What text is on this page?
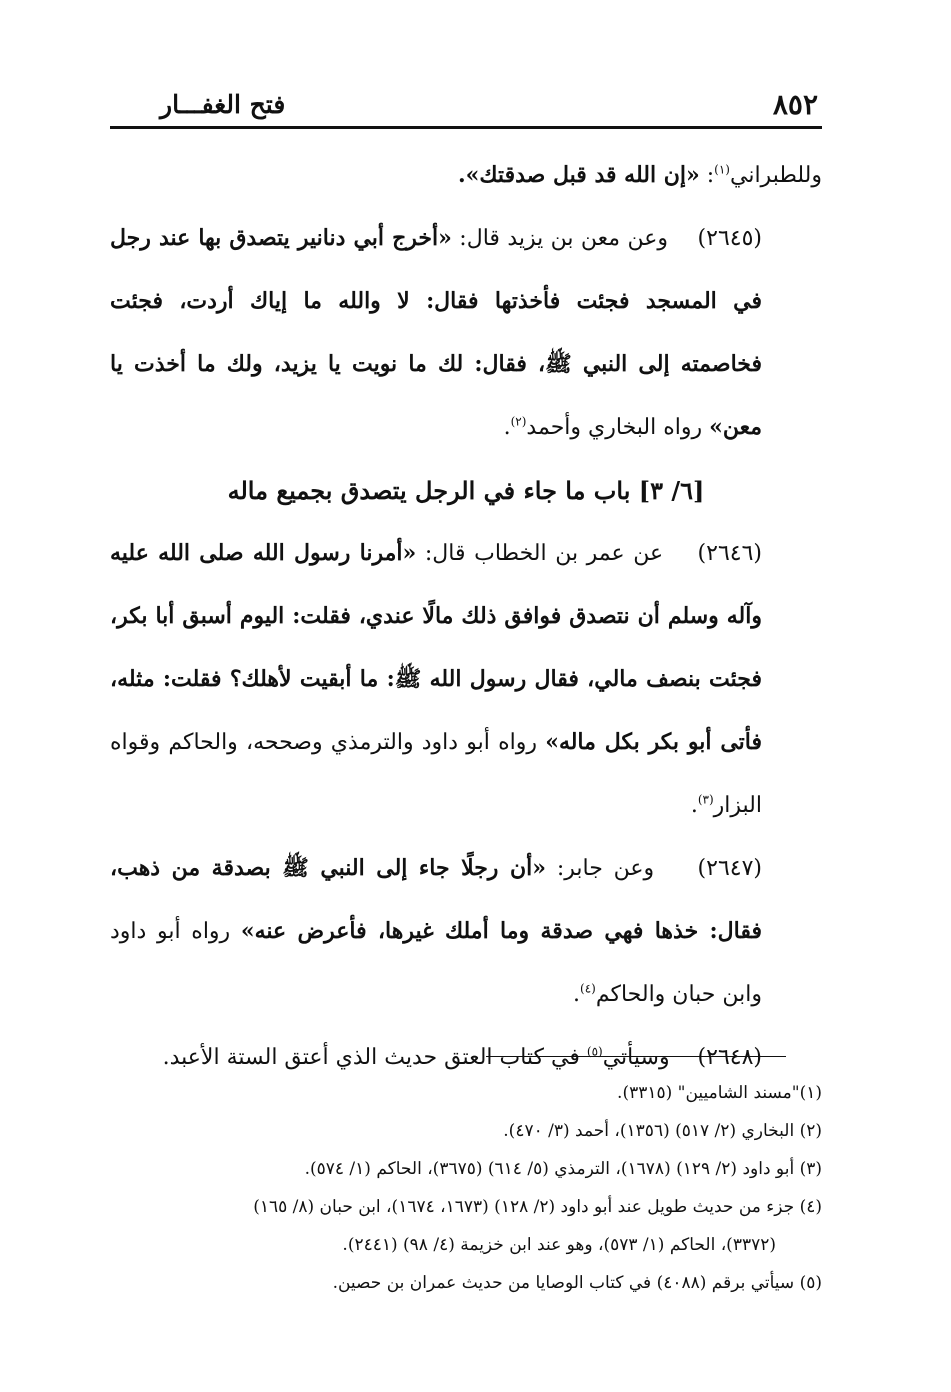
٨٥٢
فتح الغفـــار

وللطبراني$^{(١)}$: «إن الله قد قبل صدقتك».

(٢٦٤٥)    وعن معن بن يزيد قال: «أخرج أبي دنانير يتصدق بها عند رجل في المسجد فجئت فأخذتها فقال: لا والله ما إياك أردت، فجئت فخاصمته إلى النبي ﷺ، فقال: لك ما نويت يا يزيد، ولك ما أخذت يا معن» رواه البخاري وأحمد$^{(٢)}$.

[٦/ ٣] باب ما جاء في الرجل يتصدق بجميع ماله

(٢٦٤٦)    عن عمر بن الخطاب قال: «أمرنا رسول الله صلى الله عليه وآله وسلم أن نتصدق فوافق ذلك مالًا عندي، فقلت: اليوم أسبق أبا بكر، فجئت بنصف مالي، فقال رسول الله ﷺ: ما أبقيت لأهلك؟ فقلت: مثله، فأتى أبو بكر بكل ماله» رواه أبو داود والترمذي وصححه، والحاكم وقواه البزار$^{(٣)}$.

(٢٦٤٧)    وعن جابر: «أن رجلًا جاء إلى النبي ﷺ بصدقة من ذهب، فقال: خذها فهي صدقة وما أملك غيرها، فأعرض عنه» رواه أبو داود وابن حبان والحاكم$^{(٤)}$.

(٢٦٤٨)    وسيأتي$^{(٥)}$ في كتاب العتق حديث الذي أعتق الستة الأعبد.

(١)"مسند الشاميين" (٣٣١٥).

(٢) البخاري (٢/ ٥١٧) (١٣٥٦)، أحمد (٣/ ٤٧٠).

(٣) أبو داود (٢/ ١٢٩) (١٦٧٨)، الترمذي (٥/ ٦١٤) (٣٦٧٥)، الحاكم (١/ ٥٧٤).

(٤) جزء من حديث طويل عند أبو داود (٢/ ١٢٨) (١٦٧٣، ١٦٧٤)، ابن حبان (٨/ ١٦٥)

(٣٣٧٢)، الحاكم (١/ ٥٧٣)، وهو عند ابن خزيمة (٤/ ٩٨) (٢٤٤١).

(٥) سيأتي برقم (٤٠٨٨) في كتاب الوصايا من حديث عمران بن حصين.
